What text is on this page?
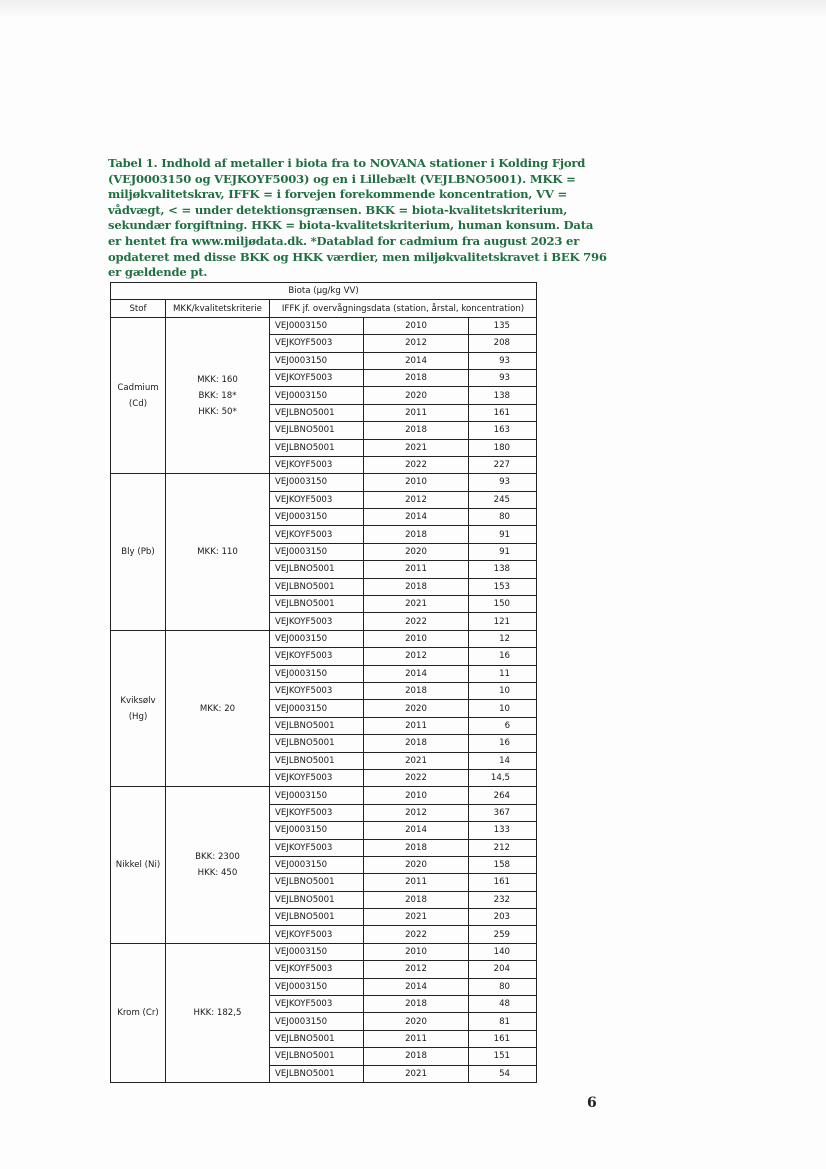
Tabel 1. Indhold af metaller i biota fra to NOVANA stationer i Kolding Fjord
(VEJ0003150 og VEJKOYF5003) og en i Lillebælt (VEJLBNO5001). MKK =
miljøkvalitetskrav, IFFK = i forvejen forekommende koncentration, VV =
vådvægt, < = under detektionsgrænsen. BKK = biota-kvalitetskriterium,
sekundær forgiftning. HKK = biota-kvalitetskriterium, human konsum. Data
er hentet fra www.miljødata.dk. *Datablad for cadmium fra august 2023 er
opdateret med disse BKK og HKK værdier, men miljøkvalitetskravet i BEK 796
er gældende pt.
Biota (µg/kg VV)				
Stof	MKK/kvalitetskriterie	IFFK jf. overvågningsdata (station, årstal, koncentration)		

Cadmium
(Cd)	MKK: 160
BKK: 18*
HKK: 50*	VEJ0003150	2010	135
		VEJKOYF5003	2012	208
		VEJ0003150	2014	93
		VEJKOYF5003	2018	93
		VEJ0003150	2020	138
		VEJLBNO5001	2011	161
		VEJLBNO5001	2018	163
		VEJLBNO5001	2021	180
		VEJKOYF5003	2022	227

Bly (Pb)	MKK: 110	VEJ0003150	2010	93
		VEJKOYF5003	2012	245
		VEJ0003150	2014	80
		VEJKOYF5003	2018	91
		VEJ0003150	2020	91
		VEJLBNO5001	2011	138
		VEJLBNO5001	2018	153
		VEJLBNO5001	2021	150
		VEJKOYF5003	2022	121

Kviksølv
(Hg)	MKK: 20	VEJ0003150	2010	12
		VEJKOYF5003	2012	16
		VEJ0003150	2014	11
		VEJKOYF5003	2018	10
		VEJ0003150	2020	10
		VEJLBNO5001	2011	6
		VEJLBNO5001	2018	16
		VEJLBNO5001	2021	14
		VEJKOYF5003	2022	14,5

Nikkel (Ni)	BKK: 2300
HKK: 450	VEJ0003150	2010	264
		VEJKOYF5003	2012	367
		VEJ0003150	2014	133
		VEJKOYF5003	2018	212
		VEJ0003150	2020	158
		VEJLBNO5001	2011	161
		VEJLBNO5001	2018	232
		VEJLBNO5001	2021	203
		VEJKOYF5003	2022	259

Krom (Cr)	HKK: 182,5	VEJ0003150	2010	140
		VEJKOYF5003	2012	204
		VEJ0003150	2014	80
		VEJKOYF5003	2018	48
		VEJ0003150	2020	81
		VEJLBNO5001	2011	161
		VEJLBNO5001	2018	151
		VEJLBNO5001	2021	54
6
